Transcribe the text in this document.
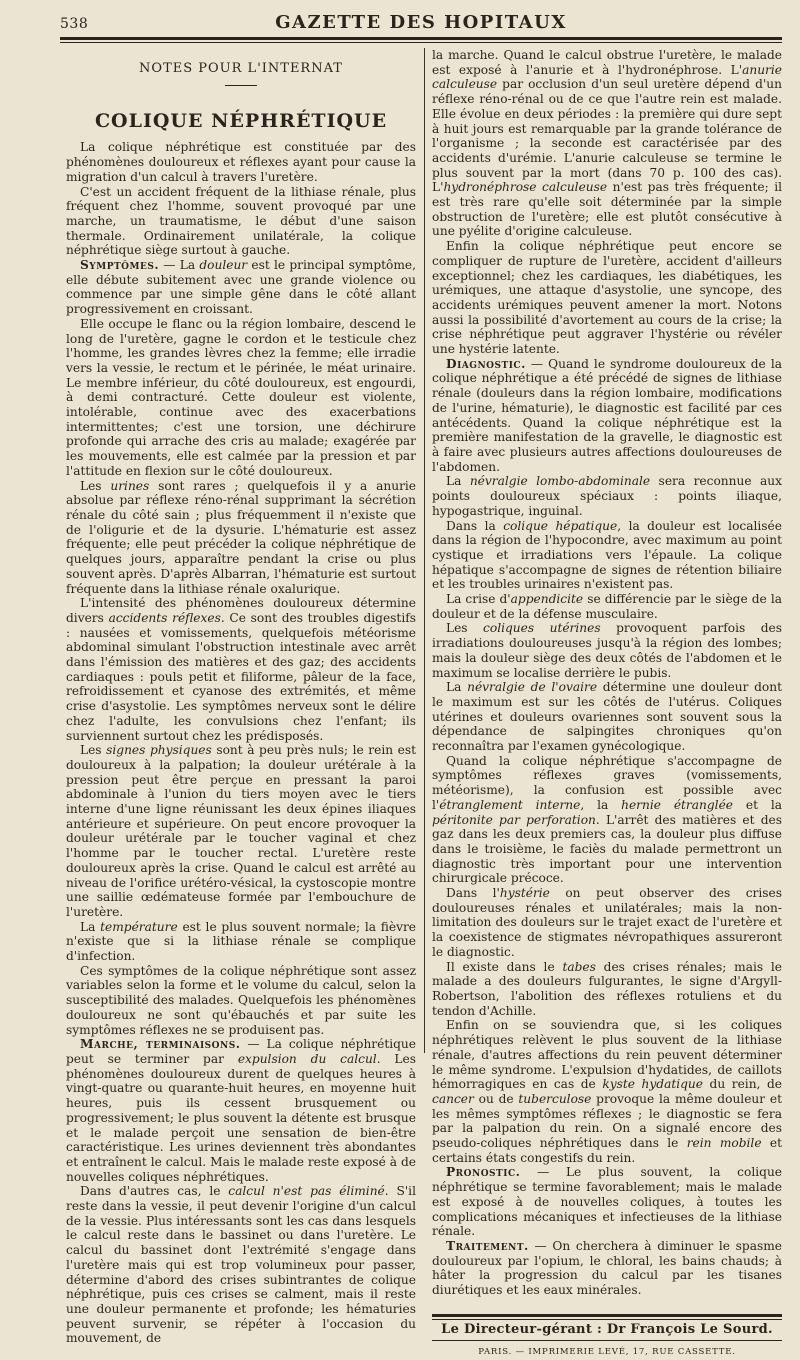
538	GAZETTE DES HOPITAUX
NOTES POUR L'INTERNAT
COLIQUE NÉPHRÉTIQUE

La colique néphrétique est constituée par des phénomènes douloureux et réflexes ayant pour cause la migration d'un calcul à travers l'uretère.

C'est un accident fréquent de la lithiase rénale, plus fréquent chez l'homme, souvent provoqué par une marche, un traumatisme, le début d'une saison thermale. Ordinairement unilatérale, la colique néphrétique siège surtout à gauche.

Symptômes. — La douleur est le principal symptôme, elle débute subitement avec une grande violence ou commence par une simple gêne dans le côté allant progressivement en croissant.

Elle occupe le flanc ou la région lombaire, descend le long de l'uretère, gagne le cordon et le testicule chez l'homme, les grandes lèvres chez la femme; elle irradie vers la vessie, le rectum et le périnée, le méat urinaire. Le membre inférieur, du côté douloureux, est engourdi, à demi contracturé. Cette douleur est violente, intolérable, continue avec des exacerbations intermittentes; c'est une torsion, une déchirure profonde qui arrache des cris au malade; exagérée par les mouvements, elle est calmée par la pression et par l'attitude en flexion sur le côté douloureux.

Les urines sont rares ; quelquefois il y a anurie absolue par réflexe réno-rénal supprimant la sécrétion rénale du côté sain ; plus fréquemment il n'existe que de l'oligurie et de la dysurie. L'hématurie est assez fréquente; elle peut précéder la colique néphrétique de quelques jours, apparaître pendant la crise ou plus souvent après. D'après Albarran, l'hématurie est surtout fréquente dans la lithiase rénale oxalurique.

L'intensité des phénomènes douloureux détermine divers accidents réflexes. Ce sont des troubles digestifs : nausées et vomissements, quelquefois météorisme abdominal simulant l'obstruction intestinale avec arrêt dans l'émission des matières et des gaz; des accidents cardiaques : pouls petit et filiforme, pâleur de la face, refroidissement et cyanose des extrémités, et même crise d'asystolie. Les symptômes nerveux sont le délire chez l'adulte, les convulsions chez l'enfant; ils surviennent surtout chez les prédisposés.

Les signes physiques sont à peu près nuls; le rein est douloureux à la palpation; la douleur urétérale à la pression peut être perçue en pressant la paroi abdominale à l'union du tiers moyen avec le tiers interne d'une ligne réunissant les deux épines iliaques antérieure et supérieure. On peut encore provoquer la douleur urétérale par le toucher vaginal et chez l'homme par le toucher rectal. L'uretère reste douloureux après la crise. Quand le calcul est arrêté au niveau de l'orifice urétéro-vésical, la cystoscopie montre une saillie œdémateuse formée par l'embouchure de l'uretère.

La température est le plus souvent normale; la fièvre n'existe que si la lithiase rénale se complique d'infection.

Ces symptômes de la colique néphrétique sont assez variables selon la forme et le volume du calcul, selon la susceptibilité des malades. Quelquefois les phénomènes douloureux ne sont qu'ébauchés et par suite les symptômes réflexes ne se produisent pas.

Marche, terminaisons. — La colique néphrétique peut se terminer par expulsion du calcul. Les phénomènes douloureux durent de quelques heures à vingt-quatre ou quarante-huit heures, en moyenne huit heures, puis ils cessent brusquement ou progressivement; le plus souvent la détente est brusque et le malade perçoit une sensation de bien-être caractéristique. Les urines deviennent très abondantes et entraînent le calcul. Mais le malade reste exposé à de nouvelles coliques néphrétiques.

Dans d'autres cas, le calcul n'est pas éliminé. S'il reste dans la vessie, il peut devenir l'origine d'un calcul de la vessie. Plus intéressants sont les cas dans lesquels le calcul reste dans le bassinet ou dans l'uretère. Le calcul du bassinet dont l'extrémité s'engage dans l'uretère mais qui est trop volumineux pour passer, détermine d'abord des crises subintrantes de colique néphrétique, puis ces crises se calment, mais il reste une douleur permanente et profonde; les hématuries peuvent survenir, se répéter à l'occasion du mouvement, de

la marche. Quand le calcul obstrue l'uretère, le malade est exposé à l'anurie et à l'hydronéphrose. L'anurie calculeuse par occlusion d'un seul uretère dépend d'un réflexe réno-rénal ou de ce que l'autre rein est malade. Elle évolue en deux périodes : la première qui dure sept à huit jours est remarquable par la grande tolérance de l'organisme ; la seconde est caractérisée par des accidents d'urémie. L'anurie calculeuse se termine le plus souvent par la mort (dans 70 p. 100 des cas). L'hydronéphrose calculeuse n'est pas très fréquente; il est très rare qu'elle soit déterminée par la simple obstruction de l'uretère; elle est plutôt consécutive à une pyélite d'origine calculeuse.

Enfin la colique néphrétique peut encore se compliquer de rupture de l'uretère, accident d'ailleurs exceptionnel; chez les cardiaques, les diabétiques, les urémiques, une attaque d'asystolie, une syncope, des accidents urémiques peuvent amener la mort. Notons aussi la possibilité d'avortement au cours de la crise; la crise néphrétique peut aggraver l'hystérie ou révéler une hystérie latente.

Diagnostic. — Quand le syndrome douloureux de la colique néphrétique a été précédé de signes de lithiase rénale (douleurs dans la région lombaire, modifications de l'urine, hématurie), le diagnostic est facilité par ces antécédents. Quand la colique néphrétique est la première manifestation de la gravelle, le diagnostic est à faire avec plusieurs autres affections douloureuses de l'abdomen.

La névralgie lombo-abdominale sera reconnue aux points douloureux spéciaux : points iliaque, hypogastrique, inguinal.

Dans la colique hépatique, la douleur est localisée dans la région de l'hypocondre, avec maximum au point cystique et irradiations vers l'épaule. La colique hépatique s'accompagne de signes de rétention biliaire et les troubles urinaires n'existent pas.

La crise d'appendicite se différencie par le siège de la douleur et de la défense musculaire.

Les coliques utérines provoquent parfois des irradiations douloureuses jusqu'à la région des lombes; mais la douleur siège des deux côtés de l'abdomen et le maximum se localise derrière le pubis.

La névralgie de l'ovaire détermine une douleur dont le maximum est sur les côtés de l'utérus. Coliques utérines et douleurs ovariennes sont souvent sous la dépendance de salpingites chroniques qu'on reconnaîtra par l'examen gynécologique.

Quand la colique néphrétique s'accompagne de symptômes réflexes graves (vomissements, météorisme), la confusion est possible avec l'étranglement interne, la hernie étranglée et la péritonite par perforation. L'arrêt des matières et des gaz dans les deux premiers cas, la douleur plus diffuse dans le troisième, le faciès du malade permettront un diagnostic très important pour une intervention chirurgicale précoce.

Dans l'hystérie on peut observer des crises douloureuses rénales et unilatérales; mais la non-limitation des douleurs sur le trajet exact de l'uretère et la coexistence de stigmates névropathiques assureront le diagnostic.

Il existe dans le tabes des crises rénales; mais le malade a des douleurs fulgurantes, le signe d'Argyll-Robertson, l'abolition des réflexes rotuliens et du tendon d'Achille.

Enfin on se souviendra que, si les coliques néphrétiques relèvent le plus souvent de la lithiase rénale, d'autres affections du rein peuvent déterminer le même syndrome. L'expulsion d'hydatides, de caillots hémorragiques en cas de kyste hydatique du rein, de cancer ou de tuberculose provoque la même douleur et les mêmes symptômes réflexes ; le diagnostic se fera par la palpation du rein. On a signalé encore des pseudo-coliques néphrétiques dans le rein mobile et certains états congestifs du rein.

Pronostic. — Le plus souvent, la colique néphrétique se termine favorablement; mais le malade est exposé à de nouvelles coliques, à toutes les complications mécaniques et infectieuses de la lithiase rénale.

Traitement. — On cherchera à diminuer le spasme douloureux par l'opium, le chloral, les bains chauds; à hâter la progression du calcul par les tisanes diurétiques et les eaux minérales.

Le Directeur-gérant : Dr François Le Sourd.
PARIS. — IMPRIMERIE LEVÉ, 17, RUE CASSETTE.
